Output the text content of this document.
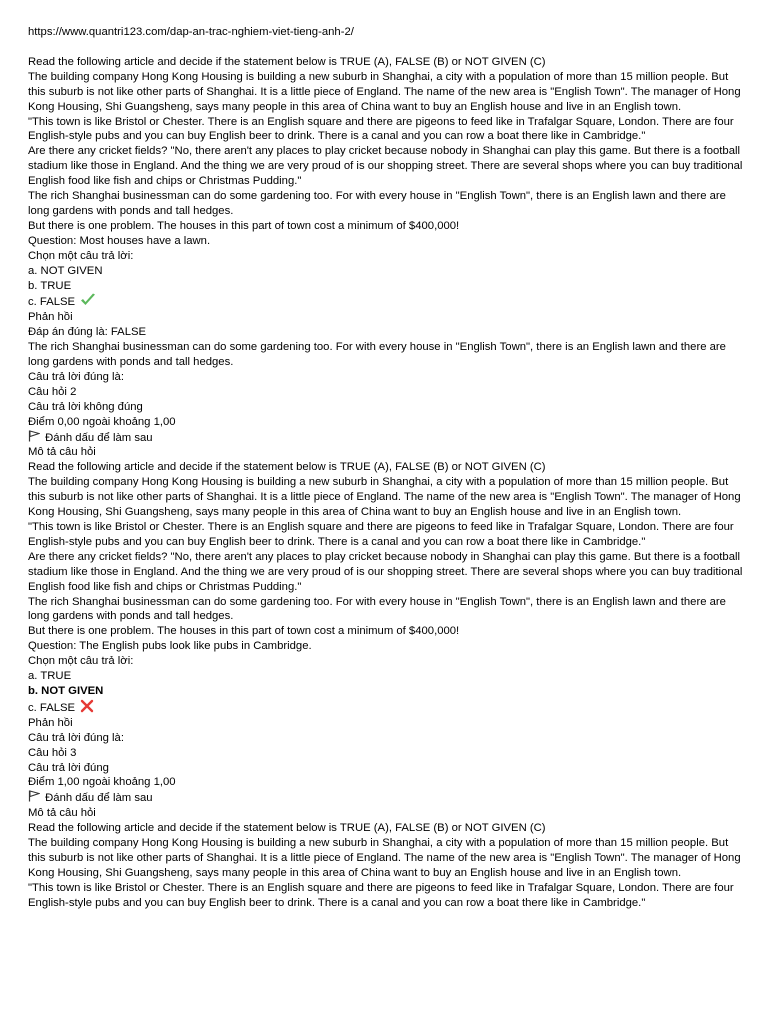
https://www.quantri123.com/dap-an-trac-nghiem-viet-tieng-anh-2/
Read the following article and decide if the statement below is TRUE (A), FALSE (B) or NOT GIVEN (C)
The building company Hong Kong Housing is building a new suburb in Shanghai, a city with a population of more than 15 million people. But this suburb is not like other parts of Shanghai. It is a little piece of England. The name of the new area is "English Town". The manager of Hong Kong Housing, Shi Guangsheng, says many people in this area of China want to buy an English house and live in an English town.
"This town is like Bristol or Chester. There is an English square and there are pigeons to feed like in Trafalgar Square, London. There are four English-style pubs and you can buy English beer to drink. There is a canal and you can row a boat there like in Cambridge."
Are there any cricket fields? "No, there aren't any places to play cricket because nobody in Shanghai can play this game. But there is a football stadium like those in England. And the thing we are very proud of is our shopping street. There are several shops where you can buy traditional English food like fish and chips or Christmas Pudding."
The rich Shanghai businessman can do some gardening too. For with every house in "English Town", there is an English lawn and there are long gardens with ponds and tall hedges.
But there is one problem. The houses in this part of town cost a minimum of $400,000!
Question: Most houses have a lawn.
Chọn một câu trả lời:
a. NOT GIVEN
b. TRUE
c. FALSE
Phản hồi
Đáp án đúng là: FALSE
The rich Shanghai businessman can do some gardening too. For with every house in "English Town", there is an English lawn and there are long gardens with ponds and tall hedges.
Câu trả lời đúng là:
Câu hỏi 2
Câu trả lời không đúng
Điểm 0,00 ngoài khoảng 1,00
Đánh dấu để làm sau
Mô tả câu hỏi
Read the following article and decide if the statement below is TRUE (A), FALSE (B) or NOT GIVEN (C)
The building company Hong Kong Housing is building a new suburb in Shanghai, a city with a population of more than 15 million people. But this suburb is not like other parts of Shanghai. It is a little piece of England. The name of the new area is "English Town". The manager of Hong Kong Housing, Shi Guangsheng, says many people in this area of China want to buy an English house and live in an English town.
"This town is like Bristol or Chester. There is an English square and there are pigeons to feed like in Trafalgar Square, London. There are four English-style pubs and you can buy English beer to drink. There is a canal and you can row a boat there like in Cambridge."
Are there any cricket fields? "No, there aren't any places to play cricket because nobody in Shanghai can play this game. But there is a football stadium like those in England. And the thing we are very proud of is our shopping street. There are several shops where you can buy traditional English food like fish and chips or Christmas Pudding."
The rich Shanghai businessman can do some gardening too. For with every house in "English Town", there is an English lawn and there are long gardens with ponds and tall hedges.
But there is one problem. The houses in this part of town cost a minimum of $400,000!
Question: The English pubs look like pubs in Cambridge.
Chọn một câu trả lời:
a. TRUE
b. NOT GIVEN
c. FALSE
Phản hồi
Câu trả lời đúng là:
Câu hỏi 3
Câu trả lời đúng
Điểm 1,00 ngoài khoảng 1,00
Đánh dấu để làm sau
Mô tả câu hỏi
Read the following article and decide if the statement below is TRUE (A), FALSE (B) or NOT GIVEN (C)
The building company Hong Kong Housing is building a new suburb in Shanghai, a city with a population of more than 15 million people. But this suburb is not like other parts of Shanghai. It is a little piece of England. The name of the new area is "English Town". The manager of Hong Kong Housing, Shi Guangsheng, says many people in this area of China want to buy an English house and live in an English town.
"This town is like Bristol or Chester. There is an English square and there are pigeons to feed like in Trafalgar Square, London. There are four English-style pubs and you can buy English beer to drink. There is a canal and you can row a boat there like in Cambridge."
